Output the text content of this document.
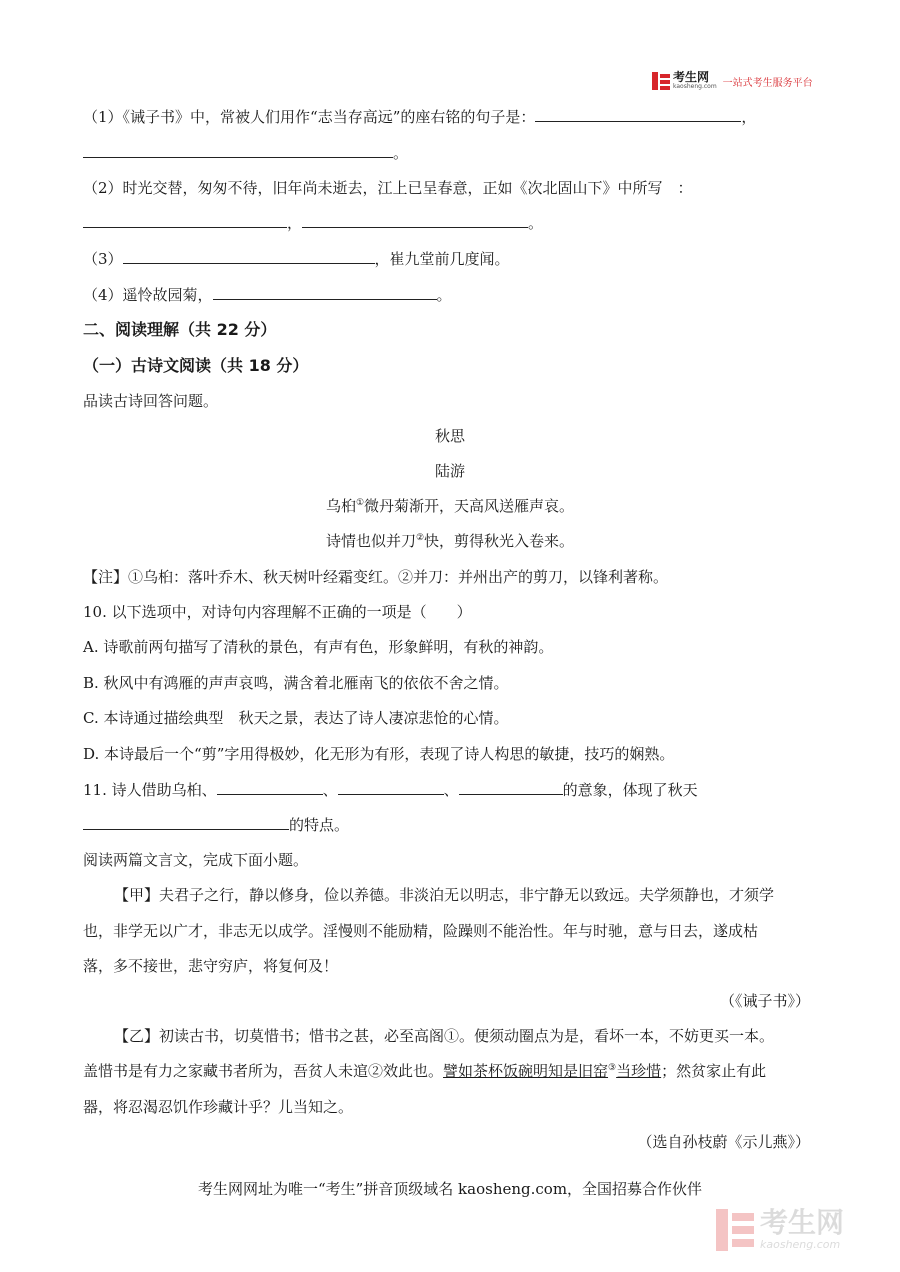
考生网
kaosheng.com 一站式考生服务平台
（1）《诫子书》中，常被人们用作“志当存高远”的座右铭的句子是：	，
。
（2）时光交替，匆匆不待，旧年尚未逝去，江上已呈春意，正如《次北固山下》中所写　：
，	。
（3）	，崔九堂前几度闻。
（4）遥怜故园菊，	。
二、阅读理解（共 22 分）
（一）古诗文阅读（共 18 分）
品读古诗回答问题。
秋思
陆游
乌桕①微丹菊渐开，天高风送雁声哀。
诗情也似并刀②快，剪得秋光入卷来。
【注】①乌桕：落叶乔木、秋天树叶经霜变红。②并刀：并州出产的剪刀，以锋利著称。
10. 以下选项中，对诗句内容理解不正确的一项是（　　）
A. 诗歌前两句描写了清秋的景色，有声有色，形象鲜明，有秋的神韵。
B. 秋风中有鸿雁的声声哀鸣，满含着北雁南飞的依依不舍之情。
C. 本诗通过描绘典型　秋天之景，表达了诗人凄凉悲怆的心情。
D. 本诗最后一个“剪”字用得极妙，化无形为有形，表现了诗人构思的敏捷，技巧的娴熟。
11. 诗人借助乌桕、	、	、	的意象，体现了秋天
的特点。
阅读两篇文言文，完成下面小题。
【甲】夫君子之行，静以修身，俭以养德。非淡泊无以明志，非宁静无以致远。夫学须静也，才须学
也，非学无以广才，非志无以成学。淫慢则不能励精，险躁则不能治性。年与时驰，意与日去，遂成枯
落，多不接世，悲守穷庐，将复何及！
（《诫子书》）
【乙】初读古书，切莫惜书；惜书之甚，必至高阁①。便须动圈点为是，看坏一本，不妨更买一本。
盖惜书是有力之家藏书者所为，吾贫人未逭②效此也。譬如茶杯饭碗明知是旧窑③当珍惜；然贫家止有此
器，将忍渴忍饥作珍藏计乎？儿当知之。
（选自孙枝蔚《示儿燕》）
考生网网址为唯一“考生”拼音顶级域名 kaosheng.com，全国招募合作伙伴
考生网
kaosheng.com
